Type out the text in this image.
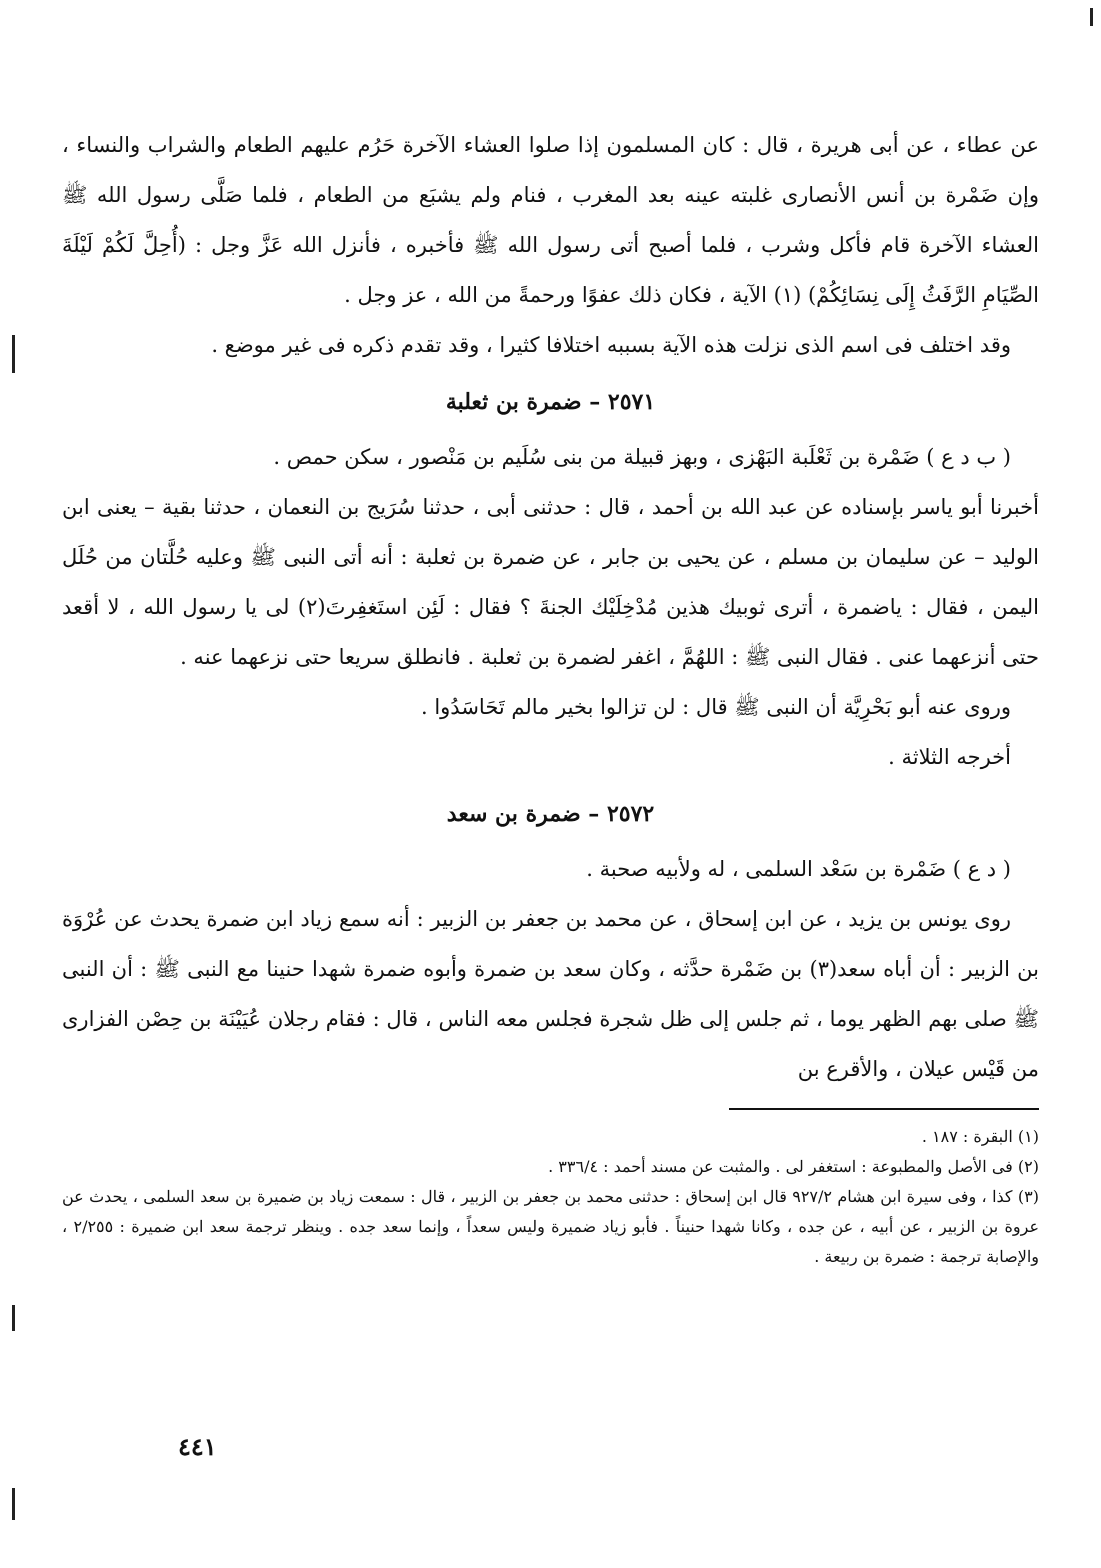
عن عطاء ، عن أبى هريرة ، قال : كان المسلمون إذا صلوا العشاء الآخرة حَرُم عليهم الطعام والشراب والنساء ، وإن ضَمْرة بن أنس الأنصارى غلبته عينه بعد المغرب ، فنام ولم يشبَع من الطعام ، فلما صَلَّى رسول الله ﷺ العشاء الآخرة قام فأكل وشرب ، فلما أصبح أتى رسول الله ﷺ فأخبره ، فأنزل الله عَزَّ وجل : (أُحِلَّ لَكُمْ لَيْلَةَ الصِّيَامِ الرَّفَثُ إِلَى نِسَائِكُمْ) (١) الآية ، فكان ذلك عفوًا ورحمةً من الله ، عز وجل .

وقد اختلف فى اسم الذى نزلت هذه الآية بسببه اختلافا كثيرا ، وقد تقدم ذكره فى غير موضع .

٢٥٧١ – ضمرة بن ثعلبة

( ب د ع ) ضَمْرة بن ثَعْلَبة البَهْزى ، وبهز قبيلة من بنى سُلَيم بن مَنْصور ، سكن حمص .

أخبرنا أبو ياسر بإسناده عن عبد الله بن أحمد ، قال : حدثنى أبى ، حدثنا سُرَيج بن النعمان ، حدثنا بقية – يعنى ابن الوليد – عن سليمان بن مسلم ، عن يحيى بن جابر ، عن ضمرة بن ثعلبة : أنه أتى النبى ﷺ وعليه حُلَّتان من حُلَل اليمن ، فقال : ياضمرة ، أترى ثوبيك هذين مُدْخِلَيْك الجنةَ ؟ فقال : لَئِن استَغفِرتَ(٢) لى يا رسول الله ، لا أقعد حتى أنزعهما عنى . فقال النبى ﷺ : اللهُمَّ ، اغفر لضمرة بن ثعلبة . فانطلق سريعا حتى نزعهما عنه .

وروى عنه أبو بَحْرِيَّة أن النبى ﷺ قال : لن تزالوا بخير مالم تَحَاسَدُوا .

أخرجه الثلاثة .

٢٥٧٢ – ضمرة بن سعد

( د ع ) ضَمْرة بن سَعْد السلمى ، له ولأبيه صحبة .

روى يونس بن يزيد ، عن ابن إسحاق ، عن محمد بن جعفر بن الزبير : أنه سمع زياد ابن ضمرة يحدث عن عُرْوَة بن الزبير : أن أباه سعد(٣) بن ضَمْرة حدَّثه ، وكان سعد بن ضمرة وأبوه ضمرة شهدا حنينا مع النبى ﷺ : أن النبى ﷺ صلى بهم الظهر يوما ، ثم جلس إلى ظل شجرة فجلس معه الناس ، قال : فقام رجلان عُيَيْنَة بن حِصْن الفزارى من قَيْس عيلان ، والأقرع بن

(١) البقرة : ١٨٧ .

(٢) فى الأصل والمطبوعة : استغفر لى . والمثبت عن مسند أحمد : ٣٣٦/٤ .

(٣) كذا ، وفى سيرة ابن هشام ٩٢٧/٢ قال ابن إسحاق : حدثنى محمد بن جعفر بن الزبير ، قال : سمعت زياد بن ضميرة بن سعد السلمى ، يحدث عن عروة بن الزبير ، عن أبيه ، عن جده ، وكانا شهدا حنيناً . فأبو زياد ضميرة وليس سعداً ، وإنما سعد جده . وينظر ترجمة سعد ابن ضميرة : ٢/٢٥٥ ، والإصابة ترجمة : ضمرة بن ربيعة .

٤٤١
